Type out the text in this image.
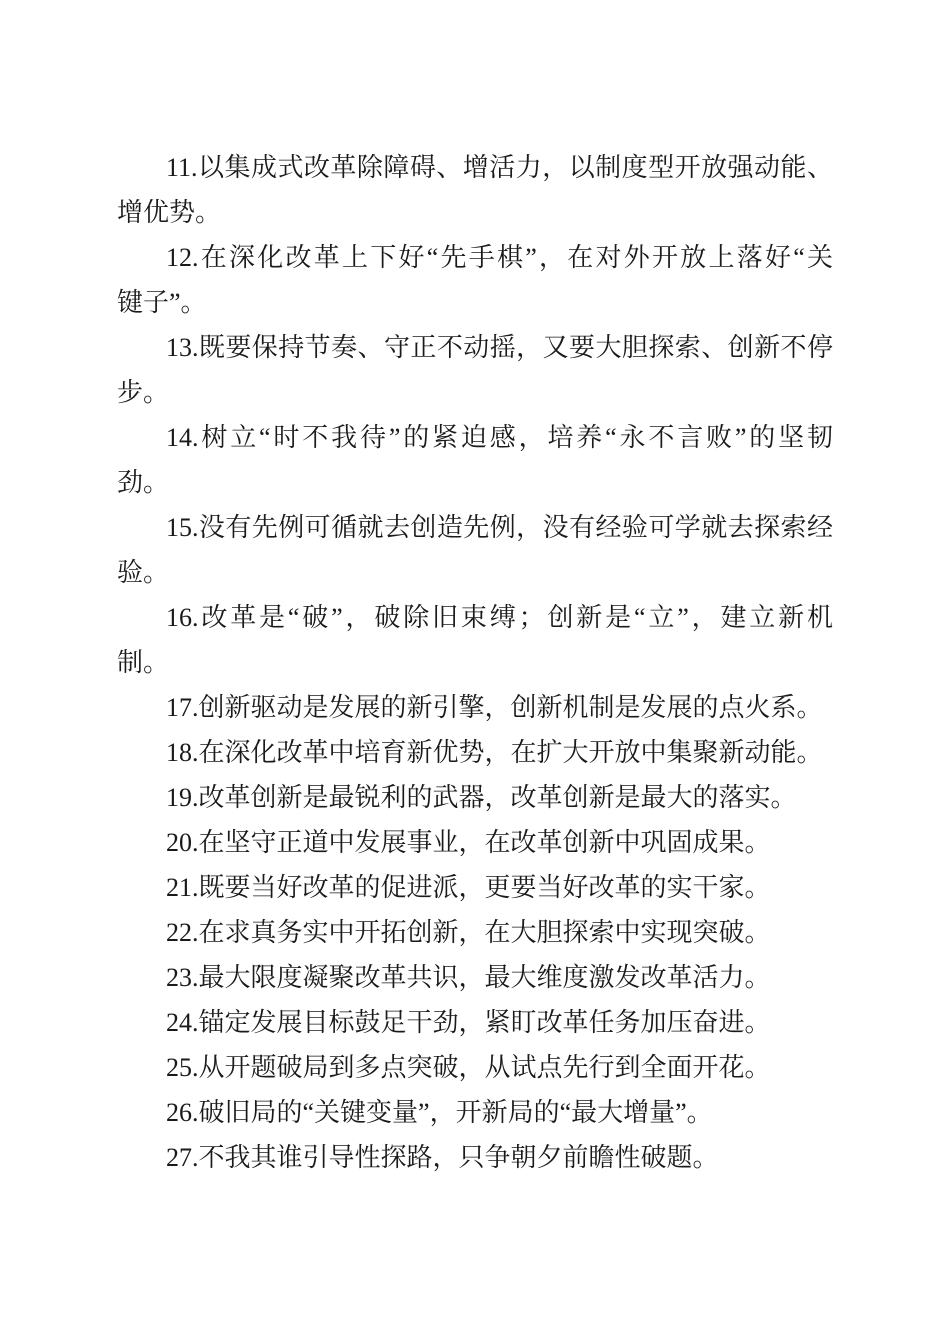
11.以集成式改革除障碍、增活力，以制度型开放强动能、
增优势。

12.在深化改革上下好“先手棋”，在对外开放上落好“关
键子”。

13.既要保持节奏、守正不动摇，又要大胆探索、创新不停
步。

14.树立“时不我待”的紧迫感，培养“永不言败”的坚韧
劲。

15.没有先例可循就去创造先例，没有经验可学就去探索经
验。

16.改革是“破”，破除旧束缚；创新是“立”，建立新机
制。

17.创新驱动是发展的新引擎，创新机制是发展的点火系。

18.在深化改革中培育新优势，在扩大开放中集聚新动能。

19.改革创新是最锐利的武器，改革创新是最大的落实。

20.在坚守正道中发展事业，在改革创新中巩固成果。

21.既要当好改革的促进派，更要当好改革的实干家。

22.在求真务实中开拓创新，在大胆探索中实现突破。

23.最大限度凝聚改革共识，最大维度激发改革活力。

24.锚定发展目标鼓足干劲，紧盯改革任务加压奋进。

25.从开题破局到多点突破，从试点先行到全面开花。

26.破旧局的“关键变量”，开新局的“最大增量”。

27.不我其谁引导性探路，只争朝夕前瞻性破题。
